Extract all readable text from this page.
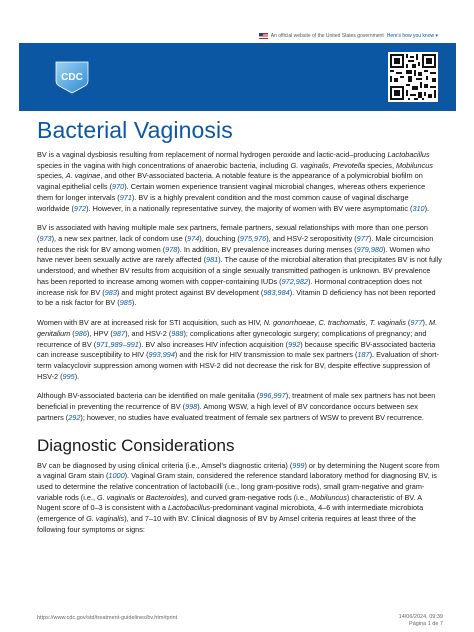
An official website of the United States government Here's how you know ▾
CDC
Bacterial Vaginosis

BV is a vaginal dysbiosis resulting from replacement of normal hydrogen peroxide and lactic-acid–producing Lactobacillus species in the vagina with high concentrations of anaerobic bacteria, including G. vaginalis, Prevotella species, Mobiluncus species, A. vaginae, and other BV-associated bacteria. A notable feature is the appearance of a polymicrobial biofilm on vaginal epithelial cells (970). Certain women experience transient vaginal microbial changes, whereas others experience them for longer intervals (971). BV is a highly prevalent condition and the most common cause of vaginal discharge worldwide (972). However, in a nationally representative survey, the majority of women with BV were asymptomatic (310).

BV is associated with having multiple male sex partners, female partners, sexual relationships with more than one person (973), a new sex partner, lack of condom use (974), douching (975,976), and HSV-2 seropositivity (977). Male circumcision reduces the risk for BV among women (978). In addition, BV prevalence increases during menses (979,980). Women who have never been sexually active are rarely affected (981). The cause of the microbial alteration that precipitates BV is not fully understood, and whether BV results from acquisition of a single sexually transmitted pathogen is unknown. BV prevalence has been reported to increase among women with copper-containing IUDs (972,982). Hormonal contraception does not increase risk for BV (983) and might protect against BV development (983,984). Vitamin D deficiency has not been reported to be a risk factor for BV (985).

Women with BV are at increased risk for STI acquisition, such as HIV, N. gonorrhoeae, C. trachomatis, T. vaginalis (977), M. genitalium (986), HPV (987), and HSV-2 (988); complications after gynecologic surgery; complications of pregnancy; and recurrence of BV (971,989–991). BV also increases HIV infection acquisition (992) because specific BV-associated bacteria can increase susceptibility to HIV (993,994) and the risk for HIV transmission to male sex partners (187). Evaluation of short-term valacyclovir suppression among women with HSV-2 did not decrease the risk for BV, despite effective suppression of HSV-2 (995).

Although BV-associated bacteria can be identified on male genitalia (996,997), treatment of male sex partners has not been beneficial in preventing the recurrence of BV (998). Among WSW, a high level of BV concordance occurs between sex partners (292); however, no studies have evaluated treatment of female sex partners of WSW to prevent BV recurrence.

Diagnostic Considerations

BV can be diagnosed by using clinical criteria (i.e., Amsel's diagnostic criteria) (999) or by determining the Nugent score from a vaginal Gram stain (1000). Vaginal Gram stain, considered the reference standard laboratory method for diagnosing BV, is used to determine the relative concentration of lactobacilli (i.e., long gram-positive rods), small gram-negative and gram-variable rods (i.e., G. vaginalis or Bacteroides), and curved gram-negative rods (i.e., Mobiluncus) characteristic of BV. A Nugent score of 0–3 is consistent with a Lactobacillus-predominant vaginal microbiota, 4–6 with intermediate microbiota (emergence of G. vaginalis), and 7–10 with BV. Clinical diagnosis of BV by Amsel criteria requires at least three of the following four symptoms or signs:

https://www.cdc.gov/std/treatment-guidelines/bv.htm#print	14/06/2024, 09:39
Página 1 de 7
